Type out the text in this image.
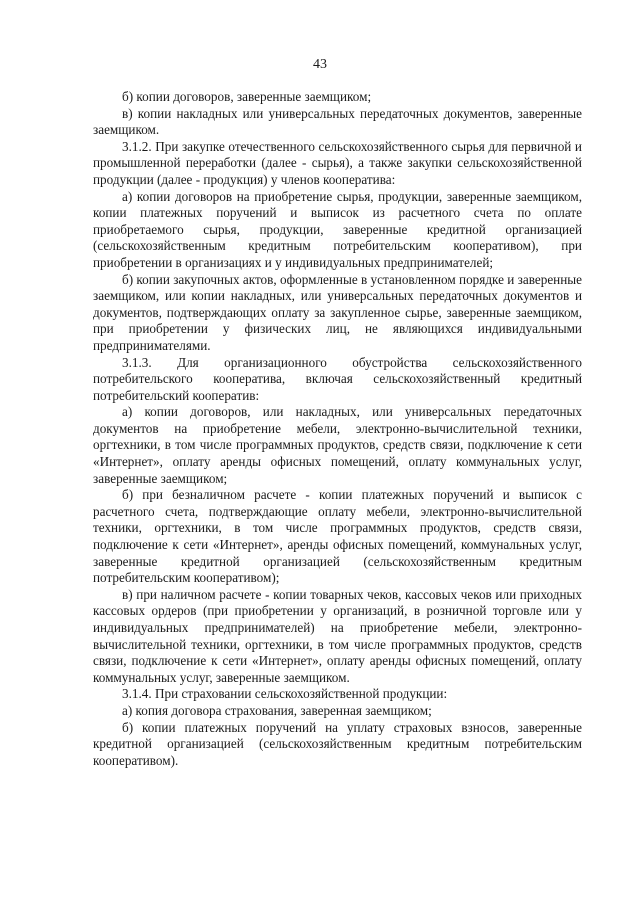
43

б) копии договоров, заверенные заемщиком;

в) копии накладных или универсальных передаточных документов, заверенные заемщиком.

3.1.2. При закупке отечественного сельскохозяйственного сырья для первичной и промышленной переработки (далее - сырья), а также закупки сельскохозяйственной продукции (далее - продукция) у членов кооператива:

а) копии договоров на приобретение сырья, продукции, заверенные заемщиком, копии платежных поручений и выписок из расчетного счета по оплате приобретаемого сырья, продукции, заверенные кредитной организацией (сельскохозяйственным кредитным потребительским кооперативом), при приобретении в организациях и у индивидуальных предпринимателей;

б) копии закупочных актов, оформленные в установленном порядке и заверенные заемщиком, или копии накладных, или универсальных передаточных документов и документов, подтверждающих оплату за закупленное сырье, заверенные заемщиком, при приобретении у физических лиц, не являющихся индивидуальными предпринимателями.

3.1.3. Для организационного обустройства сельскохозяйственного потребительского кооператива, включая сельскохозяйственный кредитный потребительский кооператив:

а) копии договоров, или накладных, или универсальных передаточных документов на приобретение мебели, электронно-вычислительной техники, оргтехники, в том числе программных продуктов, средств связи, подключение к сети «Интернет», оплату аренды офисных помещений, оплату коммунальных услуг, заверенные заемщиком;

б) при безналичном расчете - копии платежных поручений и выписок с расчетного счета, подтверждающие оплату мебели, электронно-вычислительной техники, оргтехники, в том числе программных продуктов, средств связи, подключение к сети «Интернет», аренды офисных помещений, коммунальных услуг, заверенные кредитной организацией (сельскохозяйственным кредитным потребительским кооперативом);

в) при наличном расчете - копии товарных чеков, кассовых чеков или приходных кассовых ордеров (при приобретении у организаций, в розничной торговле или у индивидуальных предпринимателей) на приобретение мебели, электронно-вычислительной техники, оргтехники, в том числе программных продуктов, средств связи, подключение к сети «Интернет», оплату аренды офисных помещений, оплату коммунальных услуг, заверенные заемщиком.

3.1.4. При страховании сельскохозяйственной продукции:

а) копия договора страхования, заверенная заемщиком;

б) копии платежных поручений на уплату страховых взносов, заверенные кредитной организацией (сельскохозяйственным кредитным потребительским кооперативом).
